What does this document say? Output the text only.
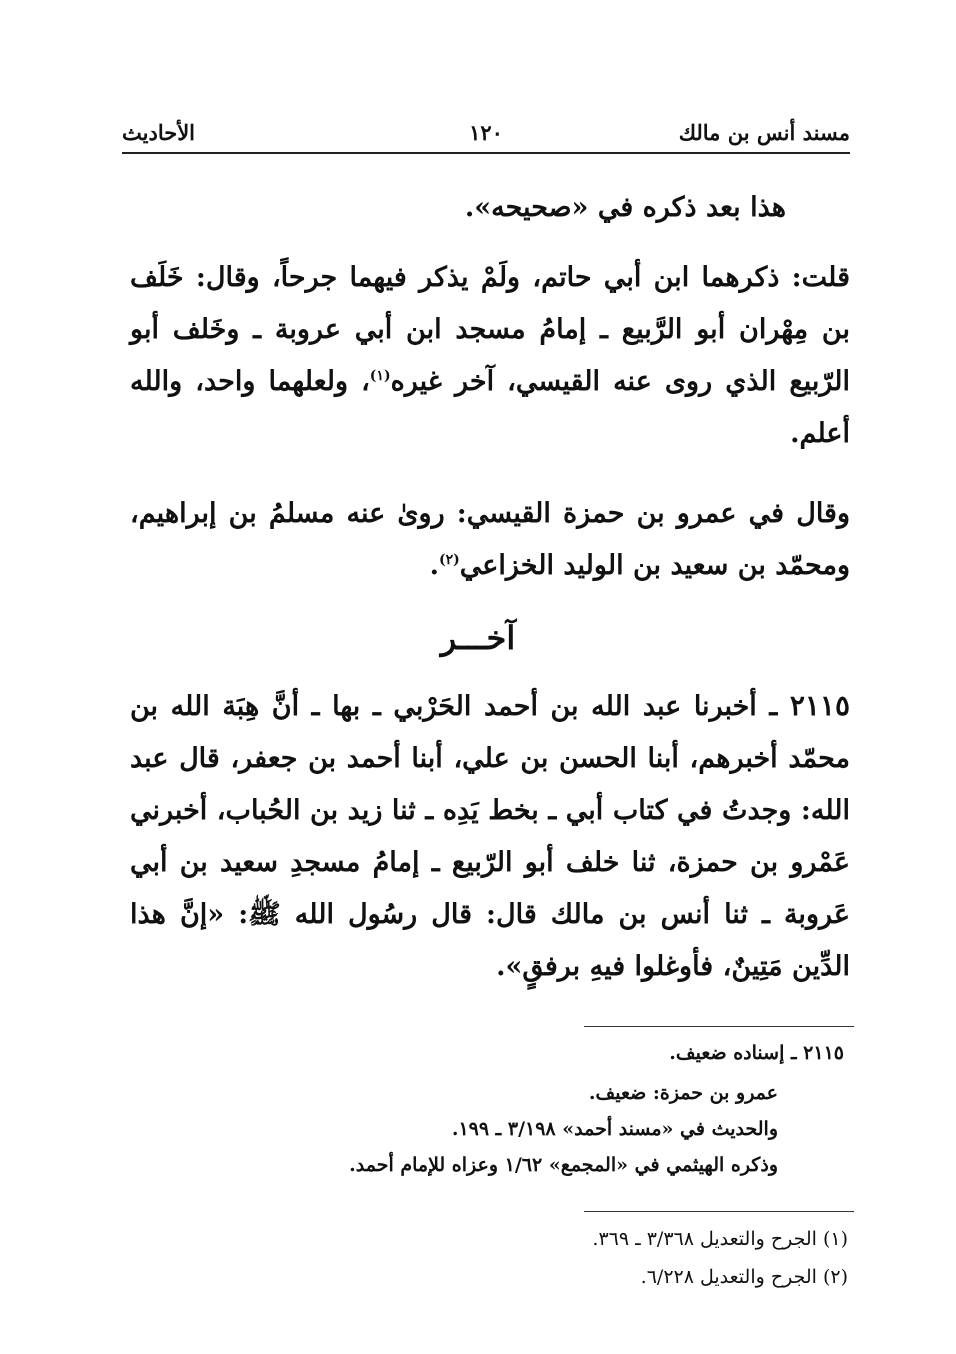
مسند أنس بن مالك
١٢٠
الأحاديث
هذا بعد ذكره في «صحيحه».
قلت: ذكرهما ابن أبي حاتم، ولَمْ يذكر فيهما جرحاً، وقال: خَلَف بن مِهْران أبو الرَّبيع ـ إمامُ مسجد ابن أبي عروبة ـ وخَلف أبو الرّبيع الذي روى عنه القيسي، آخر غيره$^{(١)}$، ولعلهما واحد، والله أعلم.
وقال في عمرو بن حمزة القيسي: روىٰ عنه مسلمُ بن إبراهيم، ومحمّد بن سعيد بن الوليد الخزاعي$^{(٢)}$.
آخـــر
٢١١٥ ـ أخبرنا عبد الله بن أحمد الحَرْبي ـ بها ـ أنَّ هِبَة الله بن محمّد أخبرهم، أبنا الحسن بن علي، أبنا أحمد بن جعفر، قال عبد الله: وجدتُ في كتاب أبي ـ بخط يَدِه ـ ثنا زيد بن الحُباب، أخبرني عَمْرو بن حمزة، ثنا خلف أبو الرّبيع ـ إمامُ مسجدِ سعيد بن أبي عَروبة ـ ثنا أنس بن مالك قال: قال رسُول الله ﷺ: «إنَّ هذا الدِّين مَتِينٌ، فأوغلوا فيهِ برفقٍ».
٢١١٥ ـ إسناده ضعيف.
عمرو بن حمزة: ضعيف.
والحديث في «مسند أحمد» ٣/١٩٨ ـ ١٩٩.
وذكره الهيثمي في «المجمع» ١/٦٢ وعزاه للإمام أحمد.
(١) الجرح والتعديل ٣/٣٦٨ ـ ٣٦٩.
(٢) الجرح والتعديل ٦/٢٢٨.
